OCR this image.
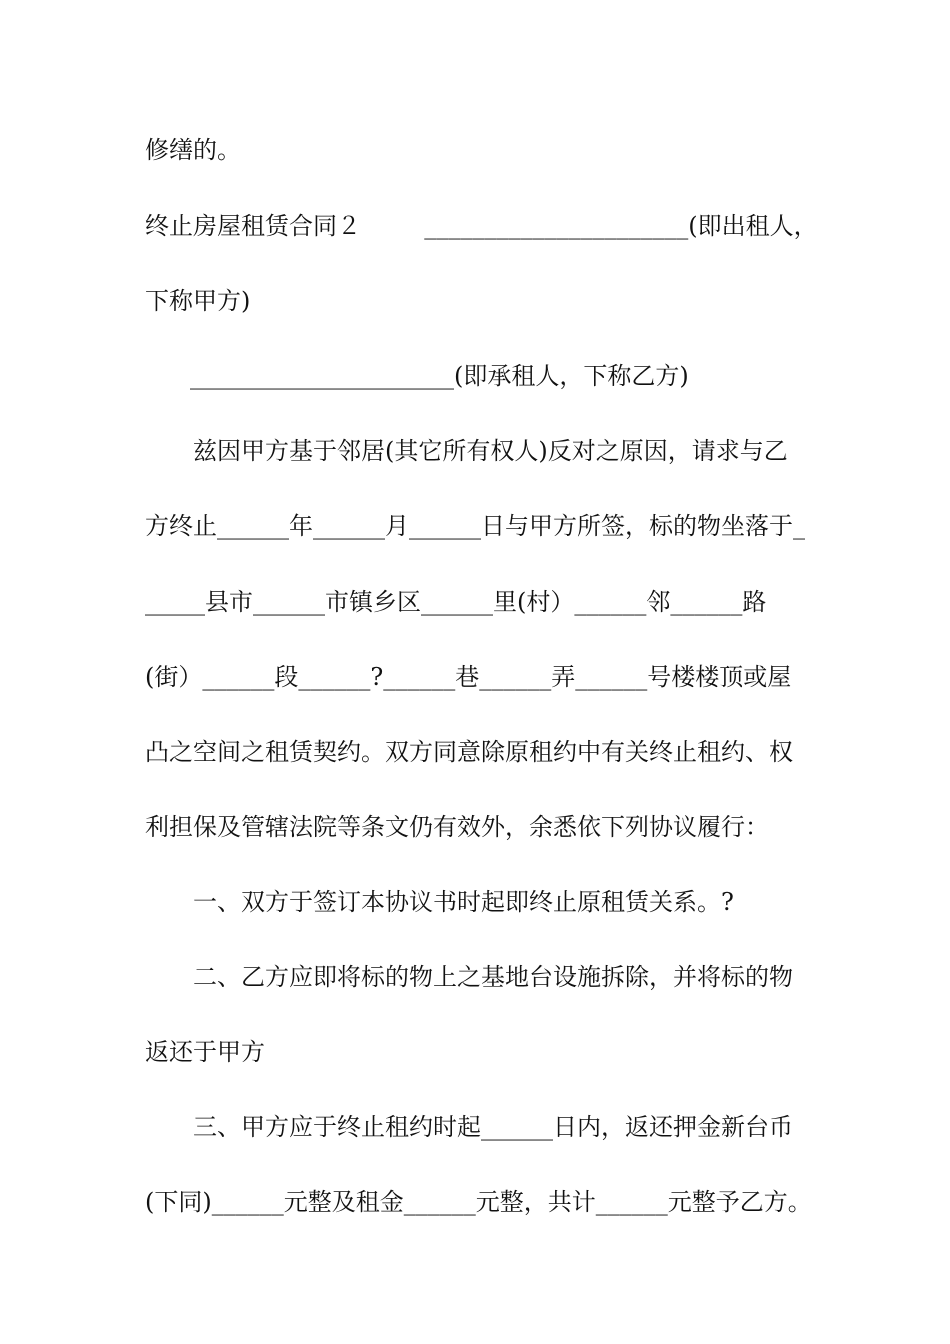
修缮的。
终止房屋租赁合同２　　  ______________________(即出租人，
下称甲方)
______________________(即承租人，下称乙方)
兹因甲方基于邻居(其它所有权人)反对之原因，请求与乙
方终止______年______月______日与甲方所签，标的物坐落于_
_____县市______市镇乡区______里(村）______邻______路
(街）______段______?______巷______弄______号楼楼顶或屋
凸之空间之租赁契约。双方同意除原租约中有关终止租约、权
利担保及管辖法院等条文仍有效外，余悉依下列协议履行：
一、双方于签订本协议书时起即终止原租赁关系。?
二、乙方应即将标的物上之基地台设施拆除，并将标的物
返还于甲方
三、甲方应于终止租约时起______日内，返还押金新台币
(下同)______元整及租金______元整，共计______元整予乙方。
